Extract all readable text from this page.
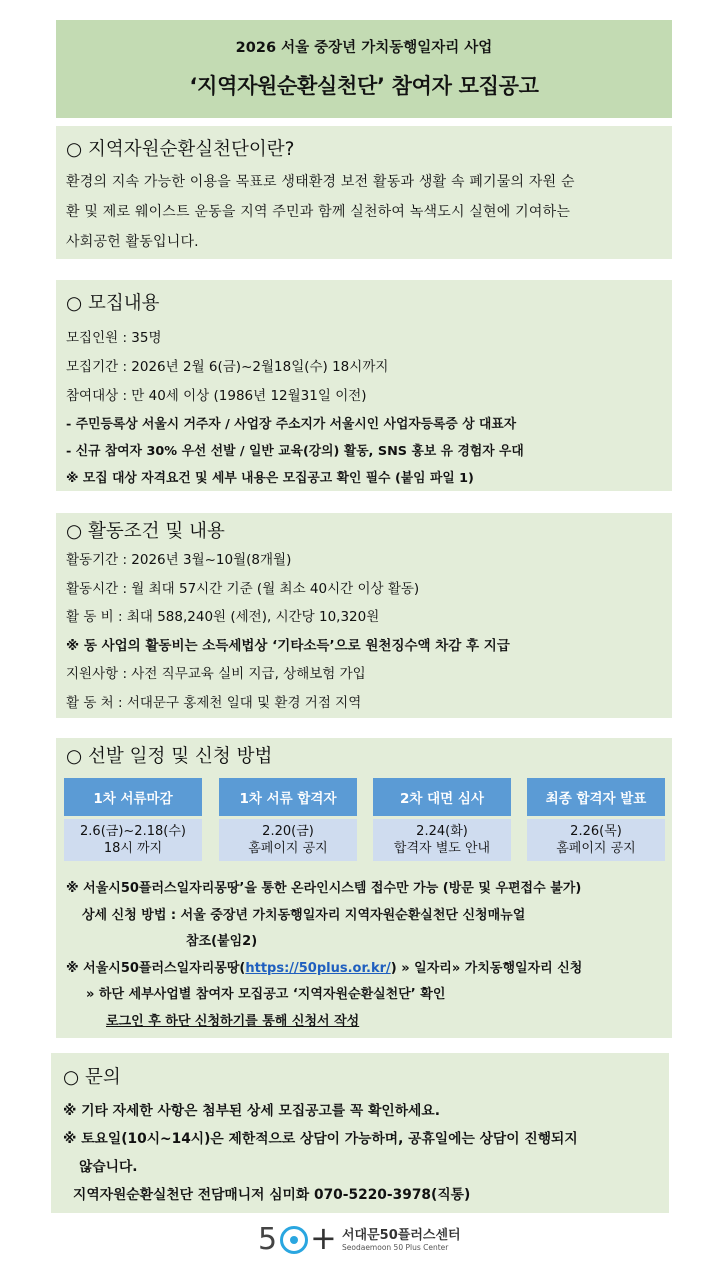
2026 서울 중장년 가치동행일자리 사업
‘지역자원순환실천단’ 참여자 모집공고
○ 지역자원순환실천단이란?

환경의 지속 가능한 이용을 목표로 생태환경 보전 활동과 생활 속 폐기물의 자원 순

환 및 제로 웨이스트 운동을 지역 주민과 함께 실천하여 녹색도시 실현에 기여하는

사회공헌 활동입니다.

○ 모집내용
모집인원 : 35명
모집기간 : 2026년 2월 6(금)~2월18일(수) 18시까지
참여대상 : 만 40세 이상 (1986년 12월31일 이전)
- 주민등록상 서울시 거주자 / 사업장 주소지가 서울시인 사업자등록증 상 대표자
- 신규 참여자 30% 우선 선발 / 일반 교육(강의) 활동, SNS 홍보 유 경험자 우대
※ 모집 대상 자격요건 및 세부 내용은 모집공고 확인 필수 (붙임 파일 1)
○ 활동조건 및 내용
활동기간 : 2026년 3월~10월(8개월)
활동시간 : 월 최대 57시간 기준 (월 최소 40시간 이상 활동)
활 동 비 : 최대 588,240원 (세전), 시간당 10,320원
※ 동 사업의 활동비는 소득세법상 ‘기타소득’으로 원천징수액 차감 후 지급
지원사항 : 사전 직무교육 실비 지급, 상해보험 가입
활 동 처 : 서대문구 홍제천 일대 및 환경 거점 지역
○ 선발 일정 및 신청 방법
1차 서류마감
2.6(금)~2.18(수)
18시 까지
1차 서류 합격자
2.20(금)
홈페이지 공지
2차 대면 심사
2.24(화)
합격자 별도 안내
최종 합격자 발표
2.26(목)
홈페이지 공지
※ 서울시50플러스일자리몽땅’을 통한 온라인시스템 접수만 가능 (방문 및 우편접수 불가)
상세 신청 방법 : 서울 중장년 가치동행일자리 지역자원순환실천단 신청매뉴얼
참조(붙임2)
※ 서울시50플러스일자리몽땅(https://50plus.or.kr/) » 일자리» 가치동행일자리 신청
» 하단 세부사업별 참여자 모집공고 ‘지역자원순환실천단’ 확인
로그인 후 하단 신청하기를 통해 신청서 작성
○ 문의
※ 기타 자세한 사항은 첨부된 상세 모집공고를 꼭 확인하세요.
※ 토요일(10시~14시)은 제한적으로 상담이 가능하며, 공휴일에는 상담이 진행되지
않습니다.
지역자원순환실천단 전담매니저 심미화 070-5220-3978(직통)
5 + 서대문50플러스센터
Seodaemoon 50 Plus Center
